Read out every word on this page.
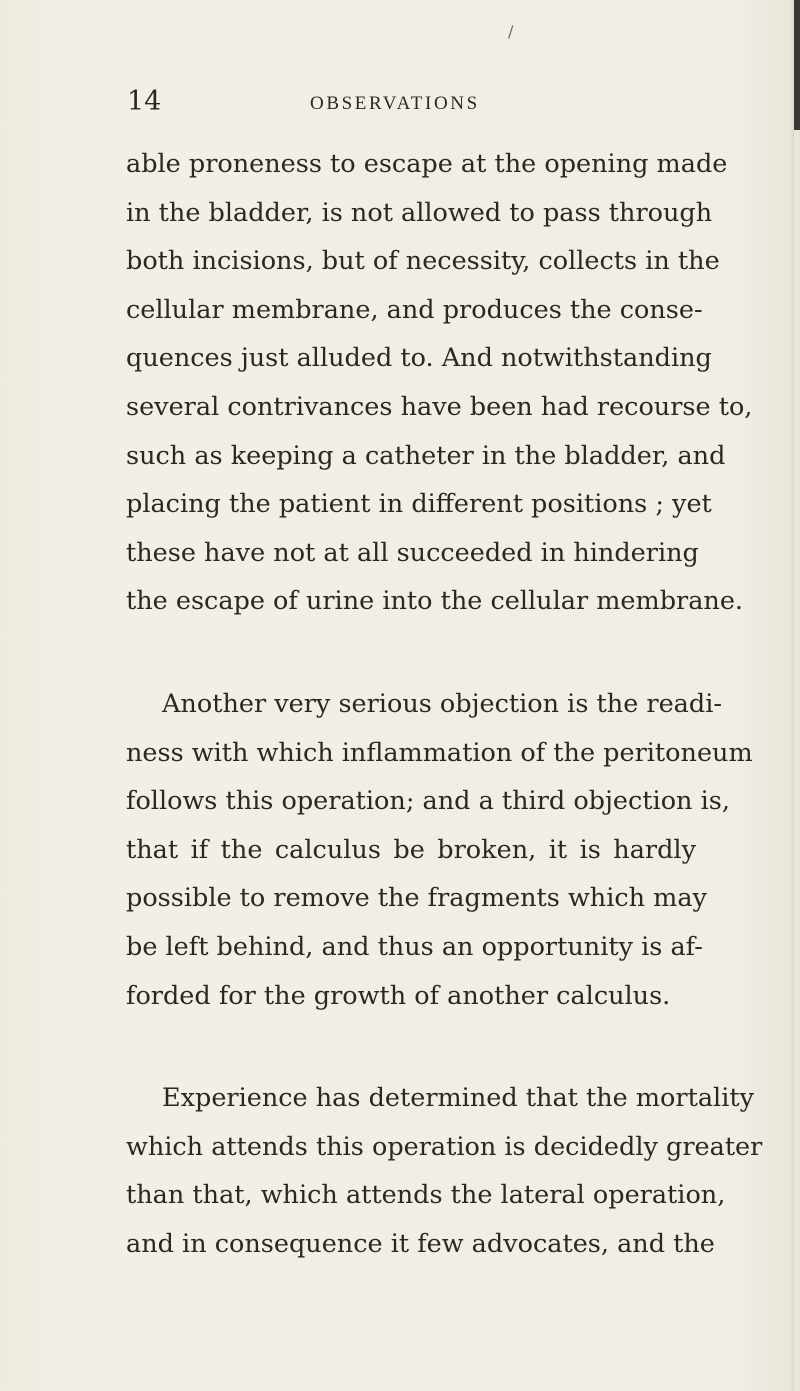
/
14	OBSERVATIONS
able proneness to escape at the opening made
in the bladder, is not allowed to pass through
both incisions, but of necessity, collects in the
cellular membrane, and produces the conse-
quences just alluded to. And notwithstanding
several contrivances have been had recourse to,
such as keeping a catheter in the bladder, and
placing the patient in different positions ; yet
these have not at all succeeded in hindering
the escape of urine into the cellular membrane.
Another very serious objection is the readi-
ness with which inflammation of the peritoneum
follows this operation; and a third objection is,
that if the calculus be broken, it is hardly
possible to remove the fragments which may
be left behind, and thus an opportunity is af-
forded for the growth of another calculus.
Experience has determined that the mortality
which attends this operation is decidedly greater
than that, which attends the lateral operation,
and in consequence it few advocates, and the
